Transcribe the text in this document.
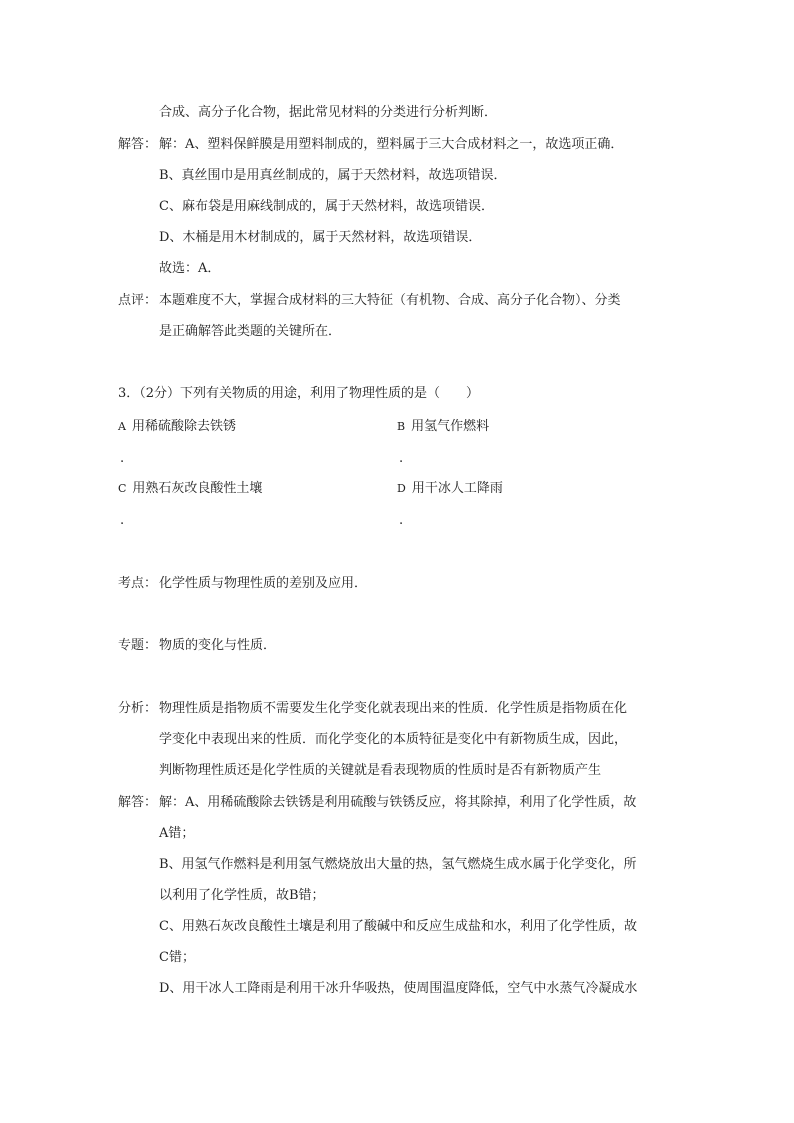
合成、高分子化合物，据此常见材料的分类进行分析判断．
解答： 解：A、塑料保鲜膜是用塑料制成的，塑料属于三大合成材料之一，故选项正确．
B、真丝围巾是用真丝制成的，属于天然材料，故选项错误．
C、麻布袋是用麻线制成的，属于天然材料，故选项错误．
D、木桶是用木材制成的，属于天然材料，故选项错误．
故选：A．
点评： 本题难度不大，掌握合成材料的三大特征（有机物、合成、高分子化合物）、分类
是正确解答此类题的关键所在．
3．（2分）下列有关物质的用途，利用了物理性质的是（　　）
A 用稀硫酸除去铁锈	B 用氢气作燃料
.	.
C 用熟石灰改良酸性土壤	D 用干冰人工降雨
.	.
考点： 化学性质与物理性质的差别及应用．
专题： 物质的变化与性质．
分析： 物理性质是指物质不需要发生化学变化就表现出来的性质．化学性质是指物质在化
学变化中表现出来的性质．而化学变化的本质特征是变化中有新物质生成，因此，
判断物理性质还是化学性质的关键就是看表现物质的性质时是否有新物质产生
解答： 解：A、用稀硫酸除去铁锈是利用硫酸与铁锈反应，将其除掉，利用了化学性质，故
A错；
B、用氢气作燃料是利用氢气燃烧放出大量的热，氢气燃烧生成水属于化学变化，所
以利用了化学性质，故B错；
C、用熟石灰改良酸性土壤是利用了酸碱中和反应生成盐和水，利用了化学性质，故
C错；
D、用干冰人工降雨是利用干冰升华吸热，使周围温度降低，空气中水蒸气冷凝成水
